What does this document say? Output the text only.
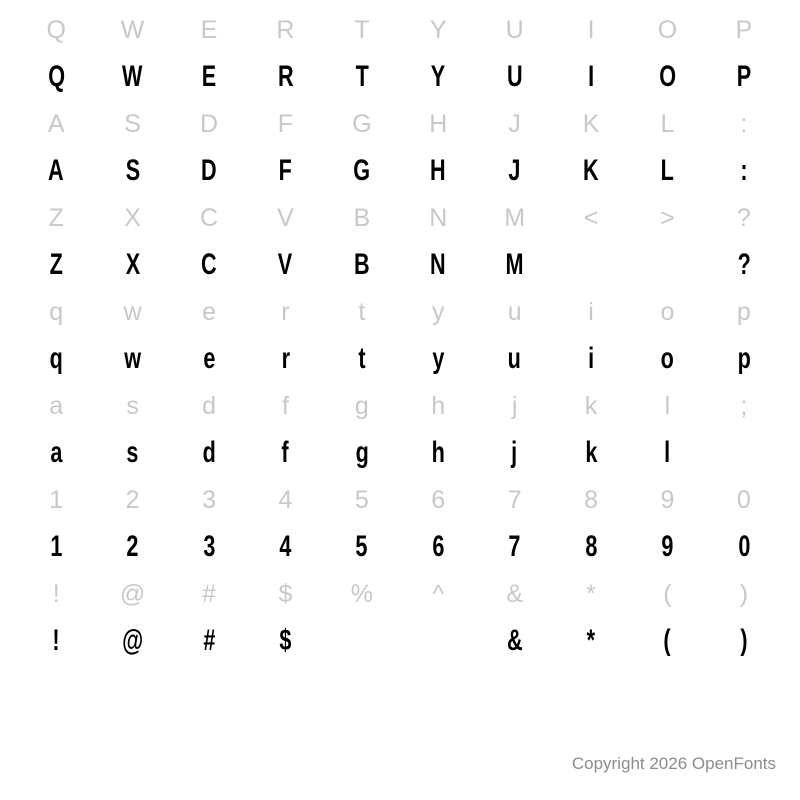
Q W E R T Y U	I	O P
Q W E R T Y U I O P
A S D F G H J K L	:
A S D F G H J K L :
Z X C V B N M < > ?
Z X C V B N M	?
q w e	r	t	y	u	i	o	p
q w e r t y u i o p
a	s	d	f	g	h	j	k	l	;
a s d f g h j k l
1	2	3	4	5	6	7	8	9	0
1 2 3 4 5 6 7 8 9 0
! @ #	$ % ^ &	*	(	)
! @ # $	& * ( )
Copyright 2026 OpenFonts
